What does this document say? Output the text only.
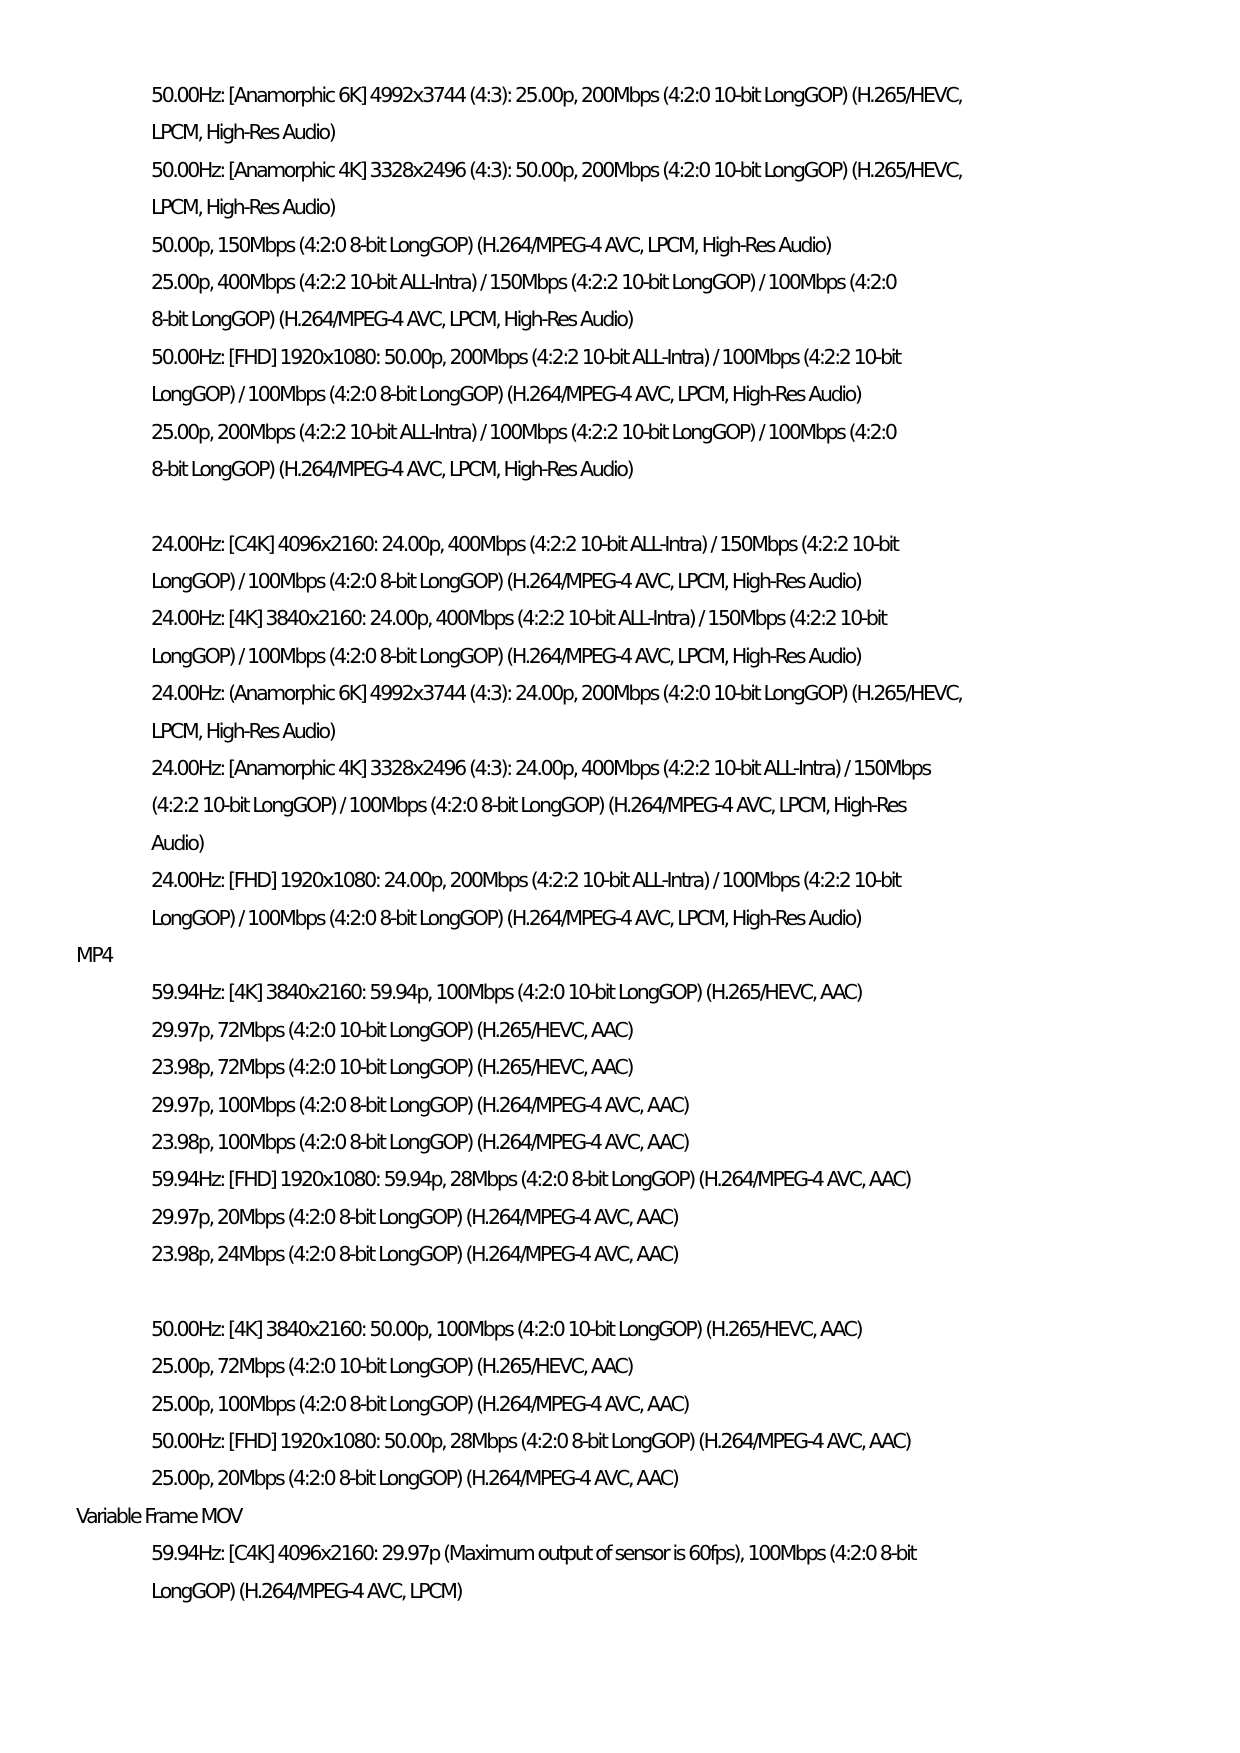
50.00Hz: [Anamorphic 6K] 4992x3744 (4:3): 25.00p, 200Mbps (4:2:0 10-bit LongGOP) (H.265/HEVC,
LPCM, High-Res Audio)
50.00Hz: [Anamorphic 4K] 3328x2496 (4:3): 50.00p, 200Mbps (4:2:0 10-bit LongGOP) (H.265/HEVC,
LPCM, High-Res Audio)
50.00p, 150Mbps (4:2:0 8-bit LongGOP) (H.264/MPEG-4 AVC, LPCM, High-Res Audio)
25.00p, 400Mbps (4:2:2 10-bit ALL-Intra) / 150Mbps (4:2:2 10-bit LongGOP) / 100Mbps (4:2:0
8-bit LongGOP) (H.264/MPEG-4 AVC, LPCM, High-Res Audio)
50.00Hz: [FHD] 1920x1080: 50.00p, 200Mbps (4:2:2 10-bit ALL-Intra) / 100Mbps (4:2:2 10-bit
LongGOP) / 100Mbps (4:2:0 8-bit LongGOP) (H.264/MPEG-4 AVC, LPCM, High-Res Audio)
25.00p, 200Mbps (4:2:2 10-bit ALL-Intra) / 100Mbps (4:2:2 10-bit LongGOP) / 100Mbps (4:2:0
8-bit LongGOP) (H.264/MPEG-4 AVC, LPCM, High-Res Audio)
24.00Hz: [C4K] 4096x2160: 24.00p, 400Mbps (4:2:2 10-bit ALL-Intra) / 150Mbps (4:2:2 10-bit
LongGOP) / 100Mbps (4:2:0 8-bit LongGOP) (H.264/MPEG-4 AVC, LPCM, High-Res Audio)
24.00Hz: [4K] 3840x2160: 24.00p, 400Mbps (4:2:2 10-bit ALL-Intra) / 150Mbps (4:2:2 10-bit
LongGOP) / 100Mbps (4:2:0 8-bit LongGOP) (H.264/MPEG-4 AVC, LPCM, High-Res Audio)
24.00Hz: (Anamorphic 6K] 4992x3744 (4:3): 24.00p, 200Mbps (4:2:0 10-bit LongGOP) (H.265/HEVC,
LPCM, High-Res Audio)
24.00Hz: [Anamorphic 4K] 3328x2496 (4:3): 24.00p, 400Mbps (4:2:2 10-bit ALL-Intra) / 150Mbps
(4:2:2 10-bit LongGOP) / 100Mbps (4:2:0 8-bit LongGOP) (H.264/MPEG-4 AVC, LPCM, High-Res
Audio)
24.00Hz: [FHD] 1920x1080: 24.00p, 200Mbps (4:2:2 10-bit ALL-Intra) / 100Mbps (4:2:2 10-bit
LongGOP) / 100Mbps (4:2:0 8-bit LongGOP) (H.264/MPEG-4 AVC, LPCM, High-Res Audio)
MP4
59.94Hz: [4K] 3840x2160: 59.94p, 100Mbps (4:2:0 10-bit LongGOP) (H.265/HEVC, AAC)
29.97p, 72Mbps (4:2:0 10-bit LongGOP) (H.265/HEVC, AAC)
23.98p, 72Mbps (4:2:0 10-bit LongGOP) (H.265/HEVC, AAC)
29.97p, 100Mbps (4:2:0 8-bit LongGOP) (H.264/MPEG-4 AVC, AAC)
23.98p, 100Mbps (4:2:0 8-bit LongGOP) (H.264/MPEG-4 AVC, AAC)
59.94Hz: [FHD] 1920x1080: 59.94p, 28Mbps (4:2:0 8-bit LongGOP) (H.264/MPEG-4 AVC, AAC)
29.97p, 20Mbps (4:2:0 8-bit LongGOP) (H.264/MPEG-4 AVC, AAC)
23.98p, 24Mbps (4:2:0 8-bit LongGOP) (H.264/MPEG-4 AVC, AAC)
50.00Hz: [4K] 3840x2160: 50.00p, 100Mbps (4:2:0 10-bit LongGOP) (H.265/HEVC, AAC)
25.00p, 72Mbps (4:2:0 10-bit LongGOP) (H.265/HEVC, AAC)
25.00p, 100Mbps (4:2:0 8-bit LongGOP) (H.264/MPEG-4 AVC, AAC)
50.00Hz: [FHD] 1920x1080: 50.00p, 28Mbps (4:2:0 8-bit LongGOP) (H.264/MPEG-4 AVC, AAC)
25.00p, 20Mbps (4:2:0 8-bit LongGOP) (H.264/MPEG-4 AVC, AAC)
Variable Frame MOV
59.94Hz: [C4K] 4096x2160: 29.97p (Maximum output of sensor is 60fps), 100Mbps (4:2:0 8-bit
LongGOP) (H.264/MPEG-4 AVC, LPCM)
